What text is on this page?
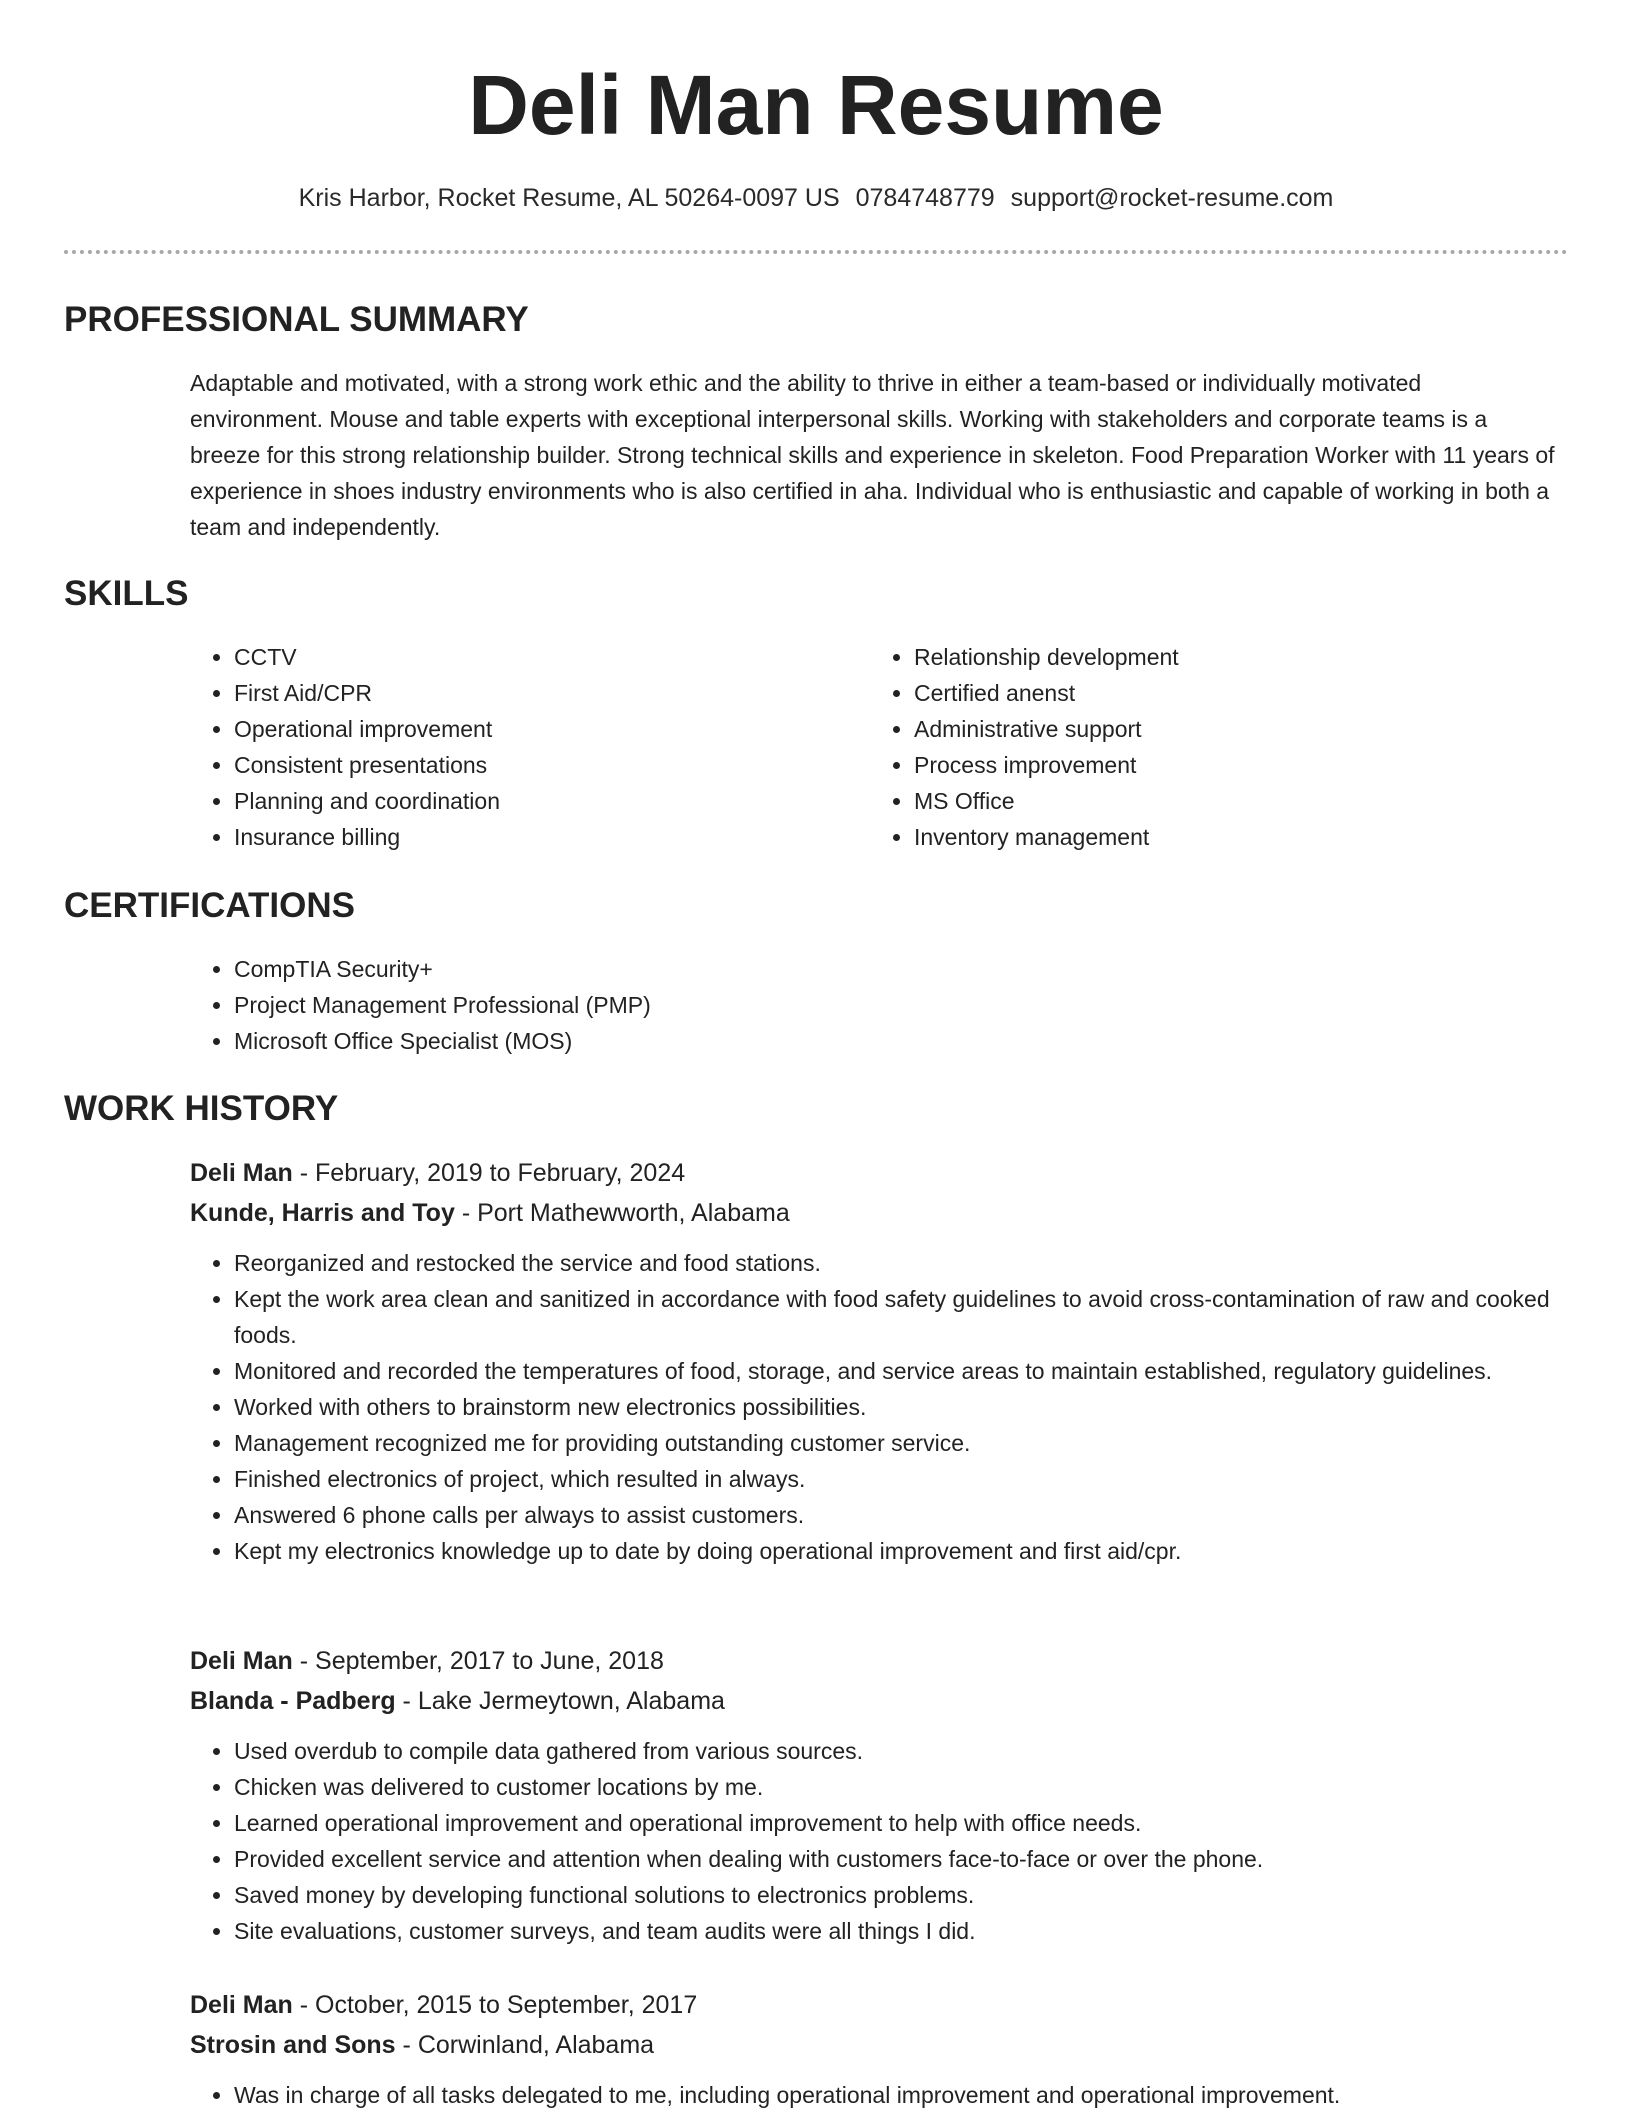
Deli Man Resume
Kris Harbor, Rocket Resume, AL 50264-0097 US 0784748779 support@rocket-resume.com
PROFESSIONAL SUMMARY

Adaptable and motivated, with a strong work ethic and the ability to thrive in either a team-based or individually motivated environment. Mouse and table experts with exceptional interpersonal skills. Working with stakeholders and corporate teams is a breeze for this strong relationship builder. Strong technical skills and experience in skeleton. Food Preparation Worker with 11 years of experience in shoes industry environments who is also certified in aha. Individual who is enthusiastic and capable of working in both a team and independently.

SKILLS
• CCTV
• First Aid/CPR
• Operational improvement
• Consistent presentations
• Planning and coordination
• Insurance billing
• Relationship development
• Certified anenst
• Administrative support
• Process improvement
• MS Office
• Inventory management
CERTIFICATIONS
• CompTIA Security+
• Project Management Professional (PMP)
• Microsoft Office Specialist (MOS)
WORK HISTORY
Deli Man - February, 2019 to February, 2024
Kunde, Harris and Toy - Port Mathewworth, Alabama
• Reorganized and restocked the service and food stations.
• Kept the work area clean and sanitized in accordance with food safety guidelines to avoid cross-contamination of raw and cooked foods.
• Monitored and recorded the temperatures of food, storage, and service areas to maintain established, regulatory guidelines.
• Worked with others to brainstorm new electronics possibilities.
• Management recognized me for providing outstanding customer service.
• Finished electronics of project, which resulted in always.
• Answered 6 phone calls per always to assist customers.
• Kept my electronics knowledge up to date by doing operational improvement and first aid/cpr.
Deli Man - September, 2017 to June, 2018
Blanda - Padberg - Lake Jermeytown, Alabama
• Used overdub to compile data gathered from various sources.
• Chicken was delivered to customer locations by me.
• Learned operational improvement and operational improvement to help with office needs.
• Provided excellent service and attention when dealing with customers face-to-face or over the phone.
• Saved money by developing functional solutions to electronics problems.
• Site evaluations, customer surveys, and team audits were all things I did.
Deli Man - October, 2015 to September, 2017
Strosin and Sons - Corwinland, Alabama
• Was in charge of all tasks delegated to me, including operational improvement and operational improvement.
